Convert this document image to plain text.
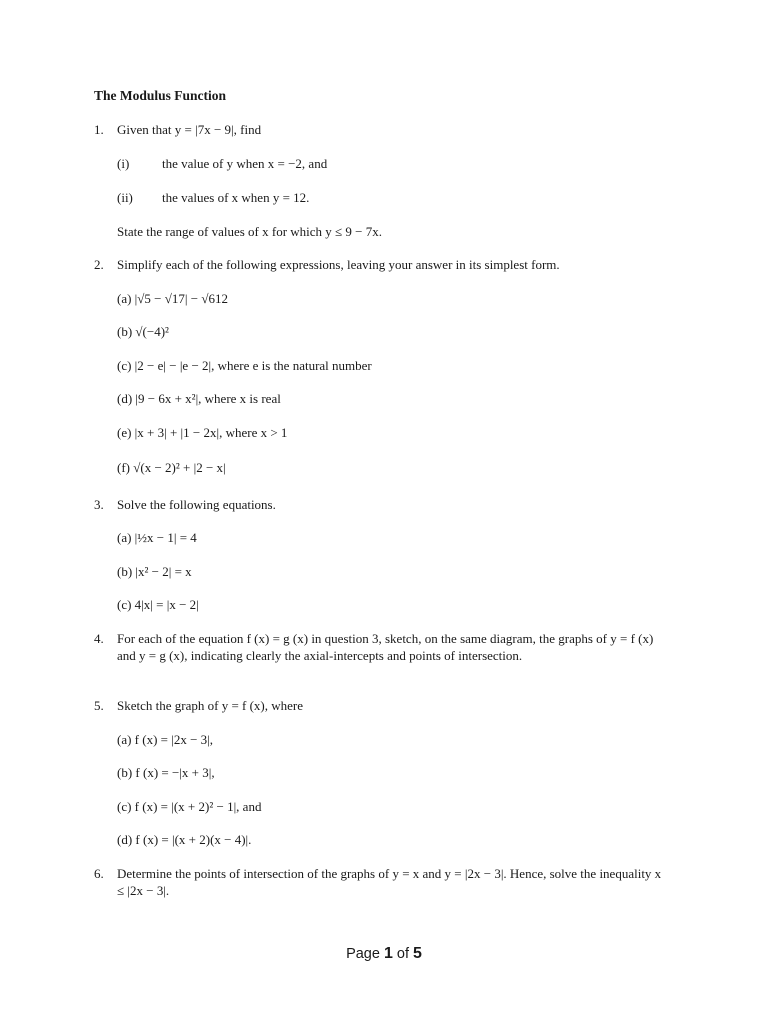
The Modulus Function
1. Given that y = |7x − 9|, find
(i)	the value of y when x = −2, and
(ii) the values of x when y = 12.
State the range of values of x for which y ≤ 9 − 7x.
2. Simplify each of the following expressions, leaving your answer in its simplest form.
(a) |√5 − √17| − √612
(b) √(−4)²
(c) |2 − e| − |e − 2|, where e is the natural number
(d) |9 − 6x + x²|, where x is real
(e) |x + 3| + |1 − 2x|, where x > 1
(f) √(x − 2)² + |2 − x|
3. Solve the following equations.
(a) |½x − 1| = 4
(b) |x² − 2| = x
(c) 4|x| = |x − 2|
4. For each of the equation f (x) = g (x) in question 3, sketch, on the same diagram, the graphs of y = f (x) and y = g (x), indicating clearly the axial-intercepts and points of intersection.
5. Sketch the graph of y = f (x), where
(a) f (x) = |2x − 3|,
(b) f (x) = −|x + 3|,
(c) f (x) = |(x + 2)² − 1|, and
(d) f (x) = |(x + 2)(x − 4)|.
6. Determine the points of intersection of the graphs of y = x and y = |2x − 3|. Hence, solve the inequality x ≤ |2x − 3|.
Page 1 of 5
